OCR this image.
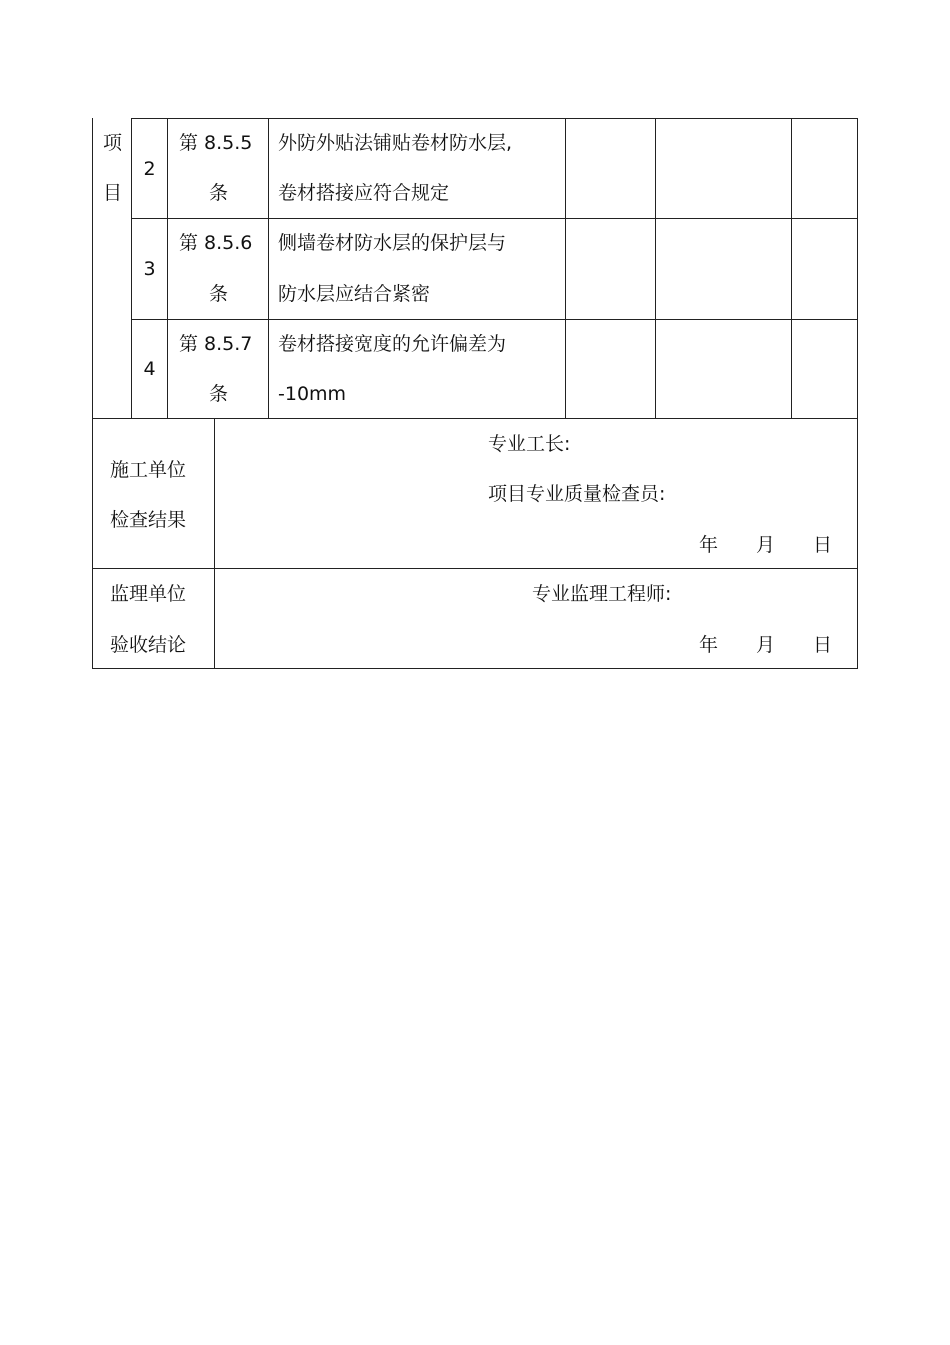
项
目
2
第 8.5.5
条
外防外贴法铺贴卷材防水层,
卷材搭接应符合规定
3
第 8.5.6
条
侧墙卷材防水层的保护层与
防水层应结合紧密
4
第 8.5.7
条
卷材搭接宽度的允许偏差为
-10mm
施工单位
检查结果
专业工长:
项目专业质量检查员:
年 月 日
监理单位
验收结论
专业监理工程师:
年 月 日
